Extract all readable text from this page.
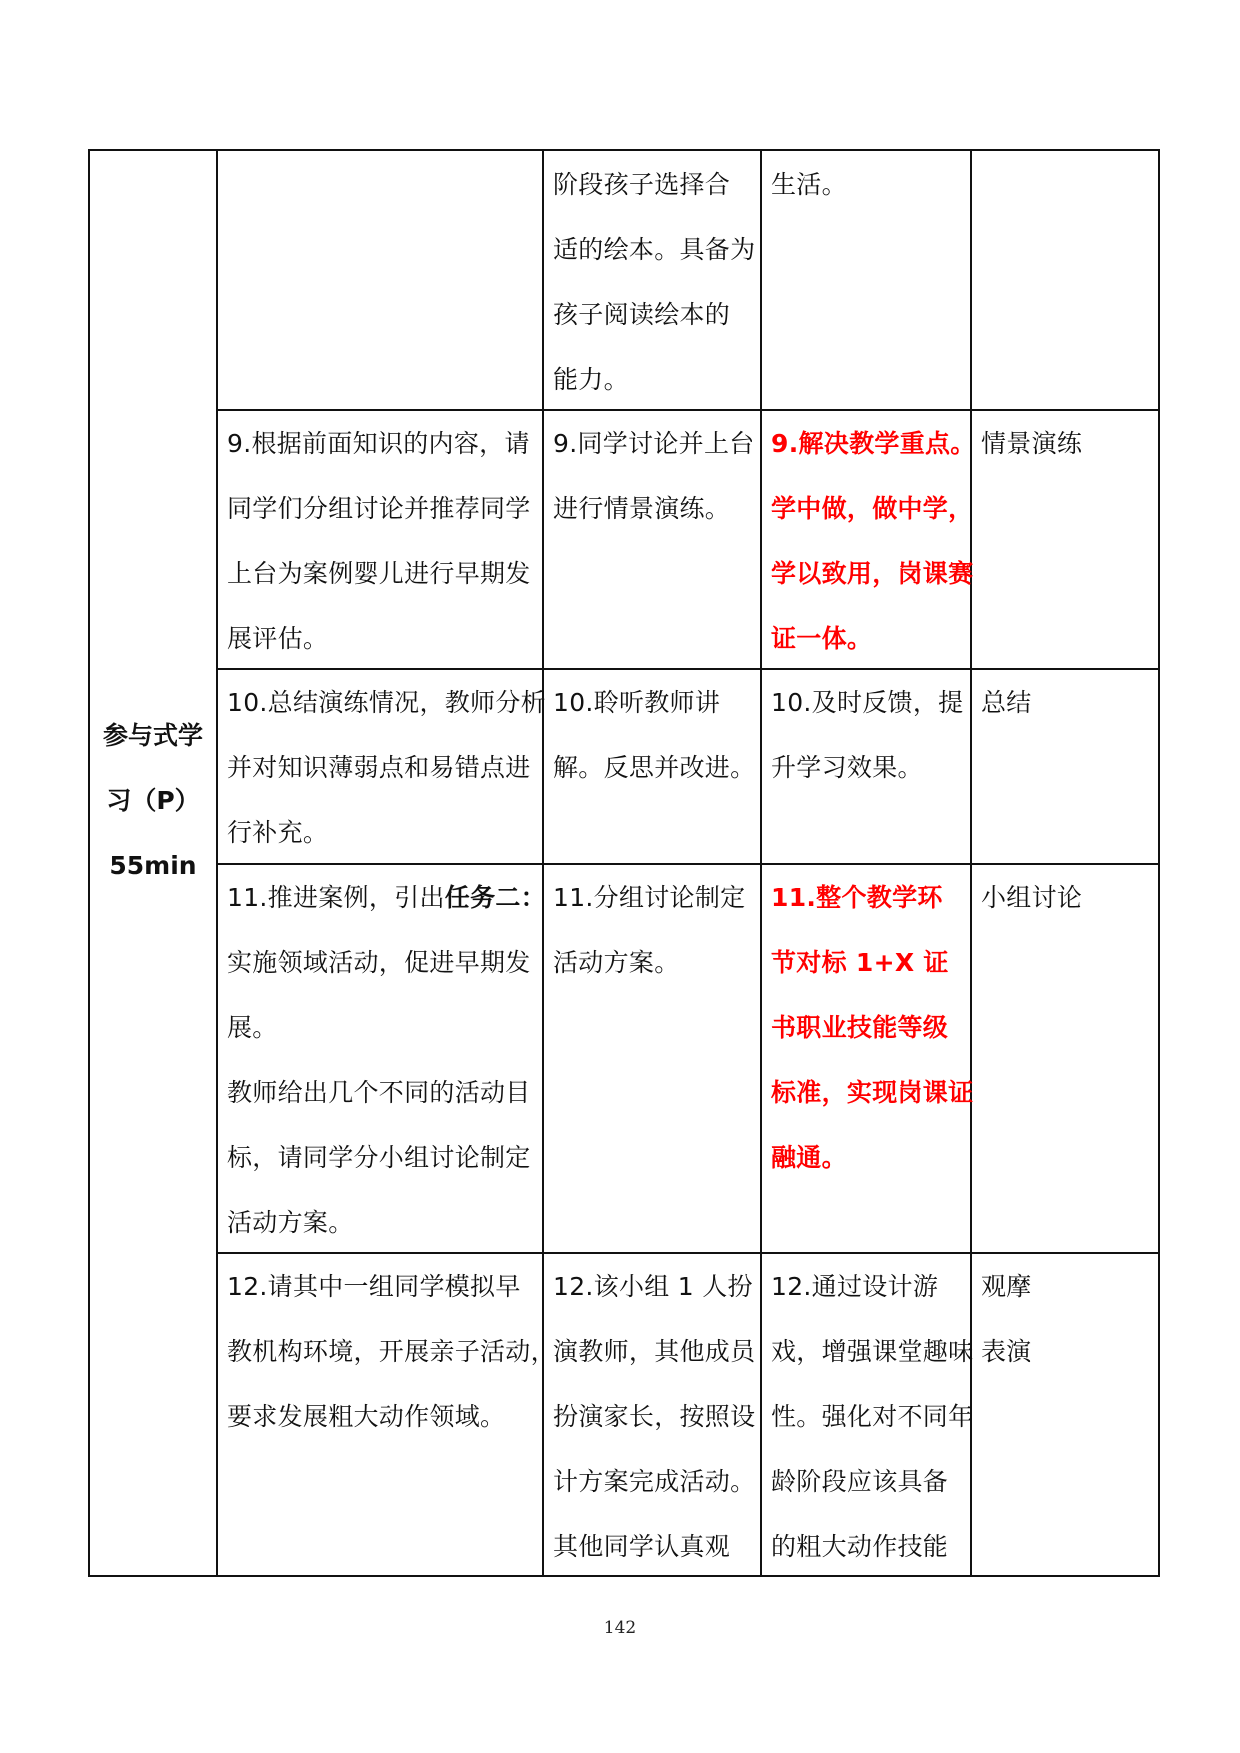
参与式学
习（P）
55min
阶段孩子选择合
适的绘本。具备为
孩子阅读绘本的
能力。
生活。
9.根据前面知识的内容，请
同学们分组讨论并推荐同学
上台为案例婴儿进行早期发
展评估。
9.同学讨论并上台
进行情景演练。
9.解决教学重点。
学中做，做中学，
学以致用，岗课赛
证一体。
情景演练
10.总结演练情况，教师分析
并对知识薄弱点和易错点进
行补充。
10.聆听教师讲
解。反思并改进。
10.及时反馈，提
升学习效果。
总结
11.推进案例，引出任务二：
实施领域活动，促进早期发
展。
教师给出几个不同的活动目
标，请同学分小组讨论制定
活动方案。
11.分组讨论制定
活动方案。
11.整个教学环
节对标 1+X 证
书职业技能等级
标准，实现岗课证
融通。
小组讨论
12.请其中一组同学模拟早
教机构环境，开展亲子活动，
要求发展粗大动作领域。
12.该小组 1 人扮
演教师，其他成员
扮演家长，按照设
计方案完成活动。
其他同学认真观
12.通过设计游
戏，增强课堂趣味
性。强化对不同年
龄阶段应该具备
的粗大动作技能
观摩
表演
142
